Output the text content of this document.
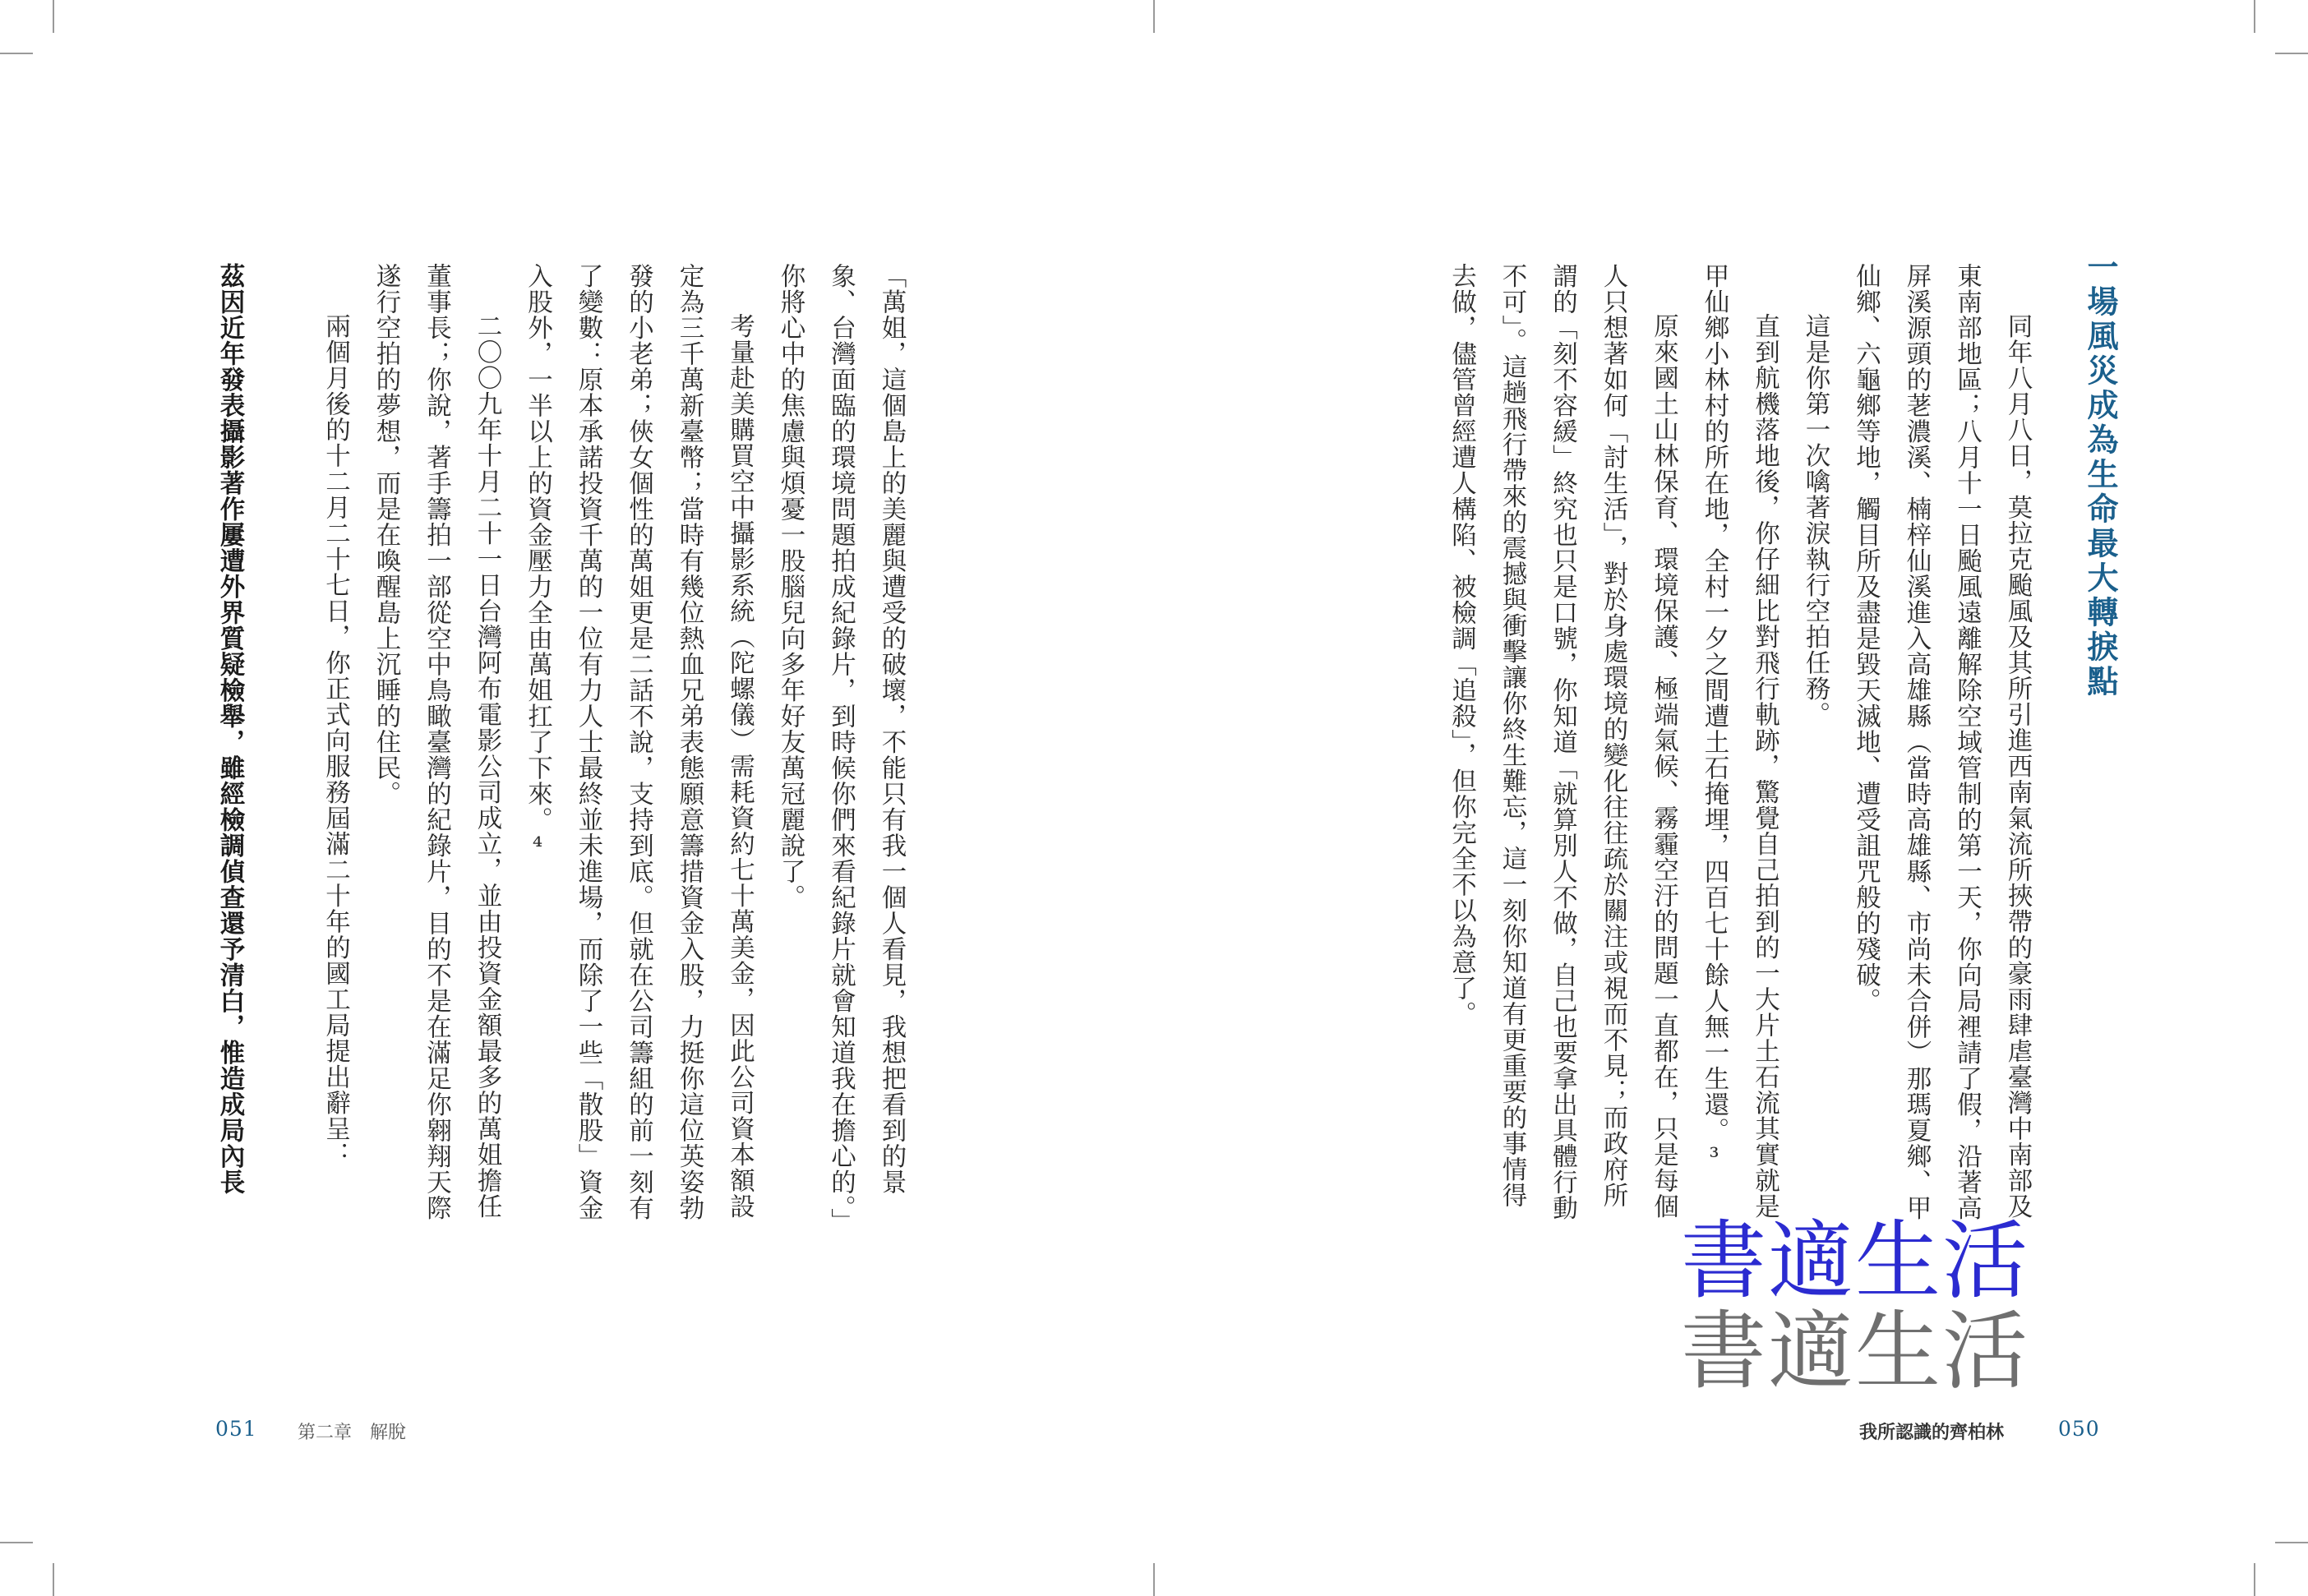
「萬姐，這個島上的美麗與遭受的破壞，不能只有我一個人看見，我想把看到的景象、台灣面臨的環境問題拍成紀錄片，到時候你們來看紀錄片就會知道我在擔心的。」你將心中的焦慮與煩憂一股腦兒向多年好友萬冠麗說了。

考量赴美購買空中攝影系統（陀螺儀）需耗資約七十萬美金，因此公司資本額設定為三千萬新臺幣；當時有幾位熱血兄弟表態願意籌措資金入股，力挺你這位英姿勃發的小老弟；俠女個性的萬姐更是二話不說，支持到底。但就在公司籌組的前一刻有了變數：原本承諾投資千萬的一位有力人士最終並未進場，而除了一些「散股」資金入股外，一半以上的資金壓力全由萬姐扛了下來。⁴

二〇〇九年十月二十一日台灣阿布電影公司成立，並由投資金額最多的萬姐擔任董事長；你說，著手籌拍一部從空中鳥瞰臺灣的紀錄片，目的不是在滿足你翱翔天際遂行空拍的夢想，而是在喚醒島上沉睡的住民。

兩個月後的十二月二十七日，你正式向服務屆滿二十年的國工局提出辭呈：

茲因近年發表攝影著作屢遭外界質疑檢舉，雖經檢調偵查還予清白，惟造成局內長

051 第二章　解脫
一場風災成為生命最大轉捩點

同年八月八日，莫拉克颱風及其所引進西南氣流所挾帶的豪雨肆虐臺灣中南部及東南部地區；八月十一日颱風遠離解除空域管制的第一天，你向局裡請了假，沿著高屏溪源頭的荖濃溪、楠梓仙溪進入高雄縣（當時高雄縣、市尚未合併）那瑪夏鄉、甲仙鄉、六龜鄉等地，觸目所及盡是毀天滅地、遭受詛咒般的殘破。

這是你第一次噙著淚執行空拍任務。

直到航機落地後，你仔細比對飛行軌跡，驚覺自己拍到的一大片土石流其實就是甲仙鄉小林村的所在地，全村一夕之間遭土石掩埋，四百七十餘人無一生還。³

原來國土山林保育、環境保護、極端氣候、霧霾空汙的問題一直都在，只是每個人只想著如何「討生活」，對於身處環境的變化往往疏於關注或視而不見；而政府所謂的「刻不容緩」終究也只是口號，你知道「就算別人不做，自己也要拿出具體行動不可」。這趟飛行帶來的震撼與衝擊讓你終生難忘，這一刻你知道有更重要的事情得去做，儘管曾經遭人構陷、被檢調「追殺」，但你完全不以為意了。

我所認識的齊柏林	050
書適生活
書適生活
